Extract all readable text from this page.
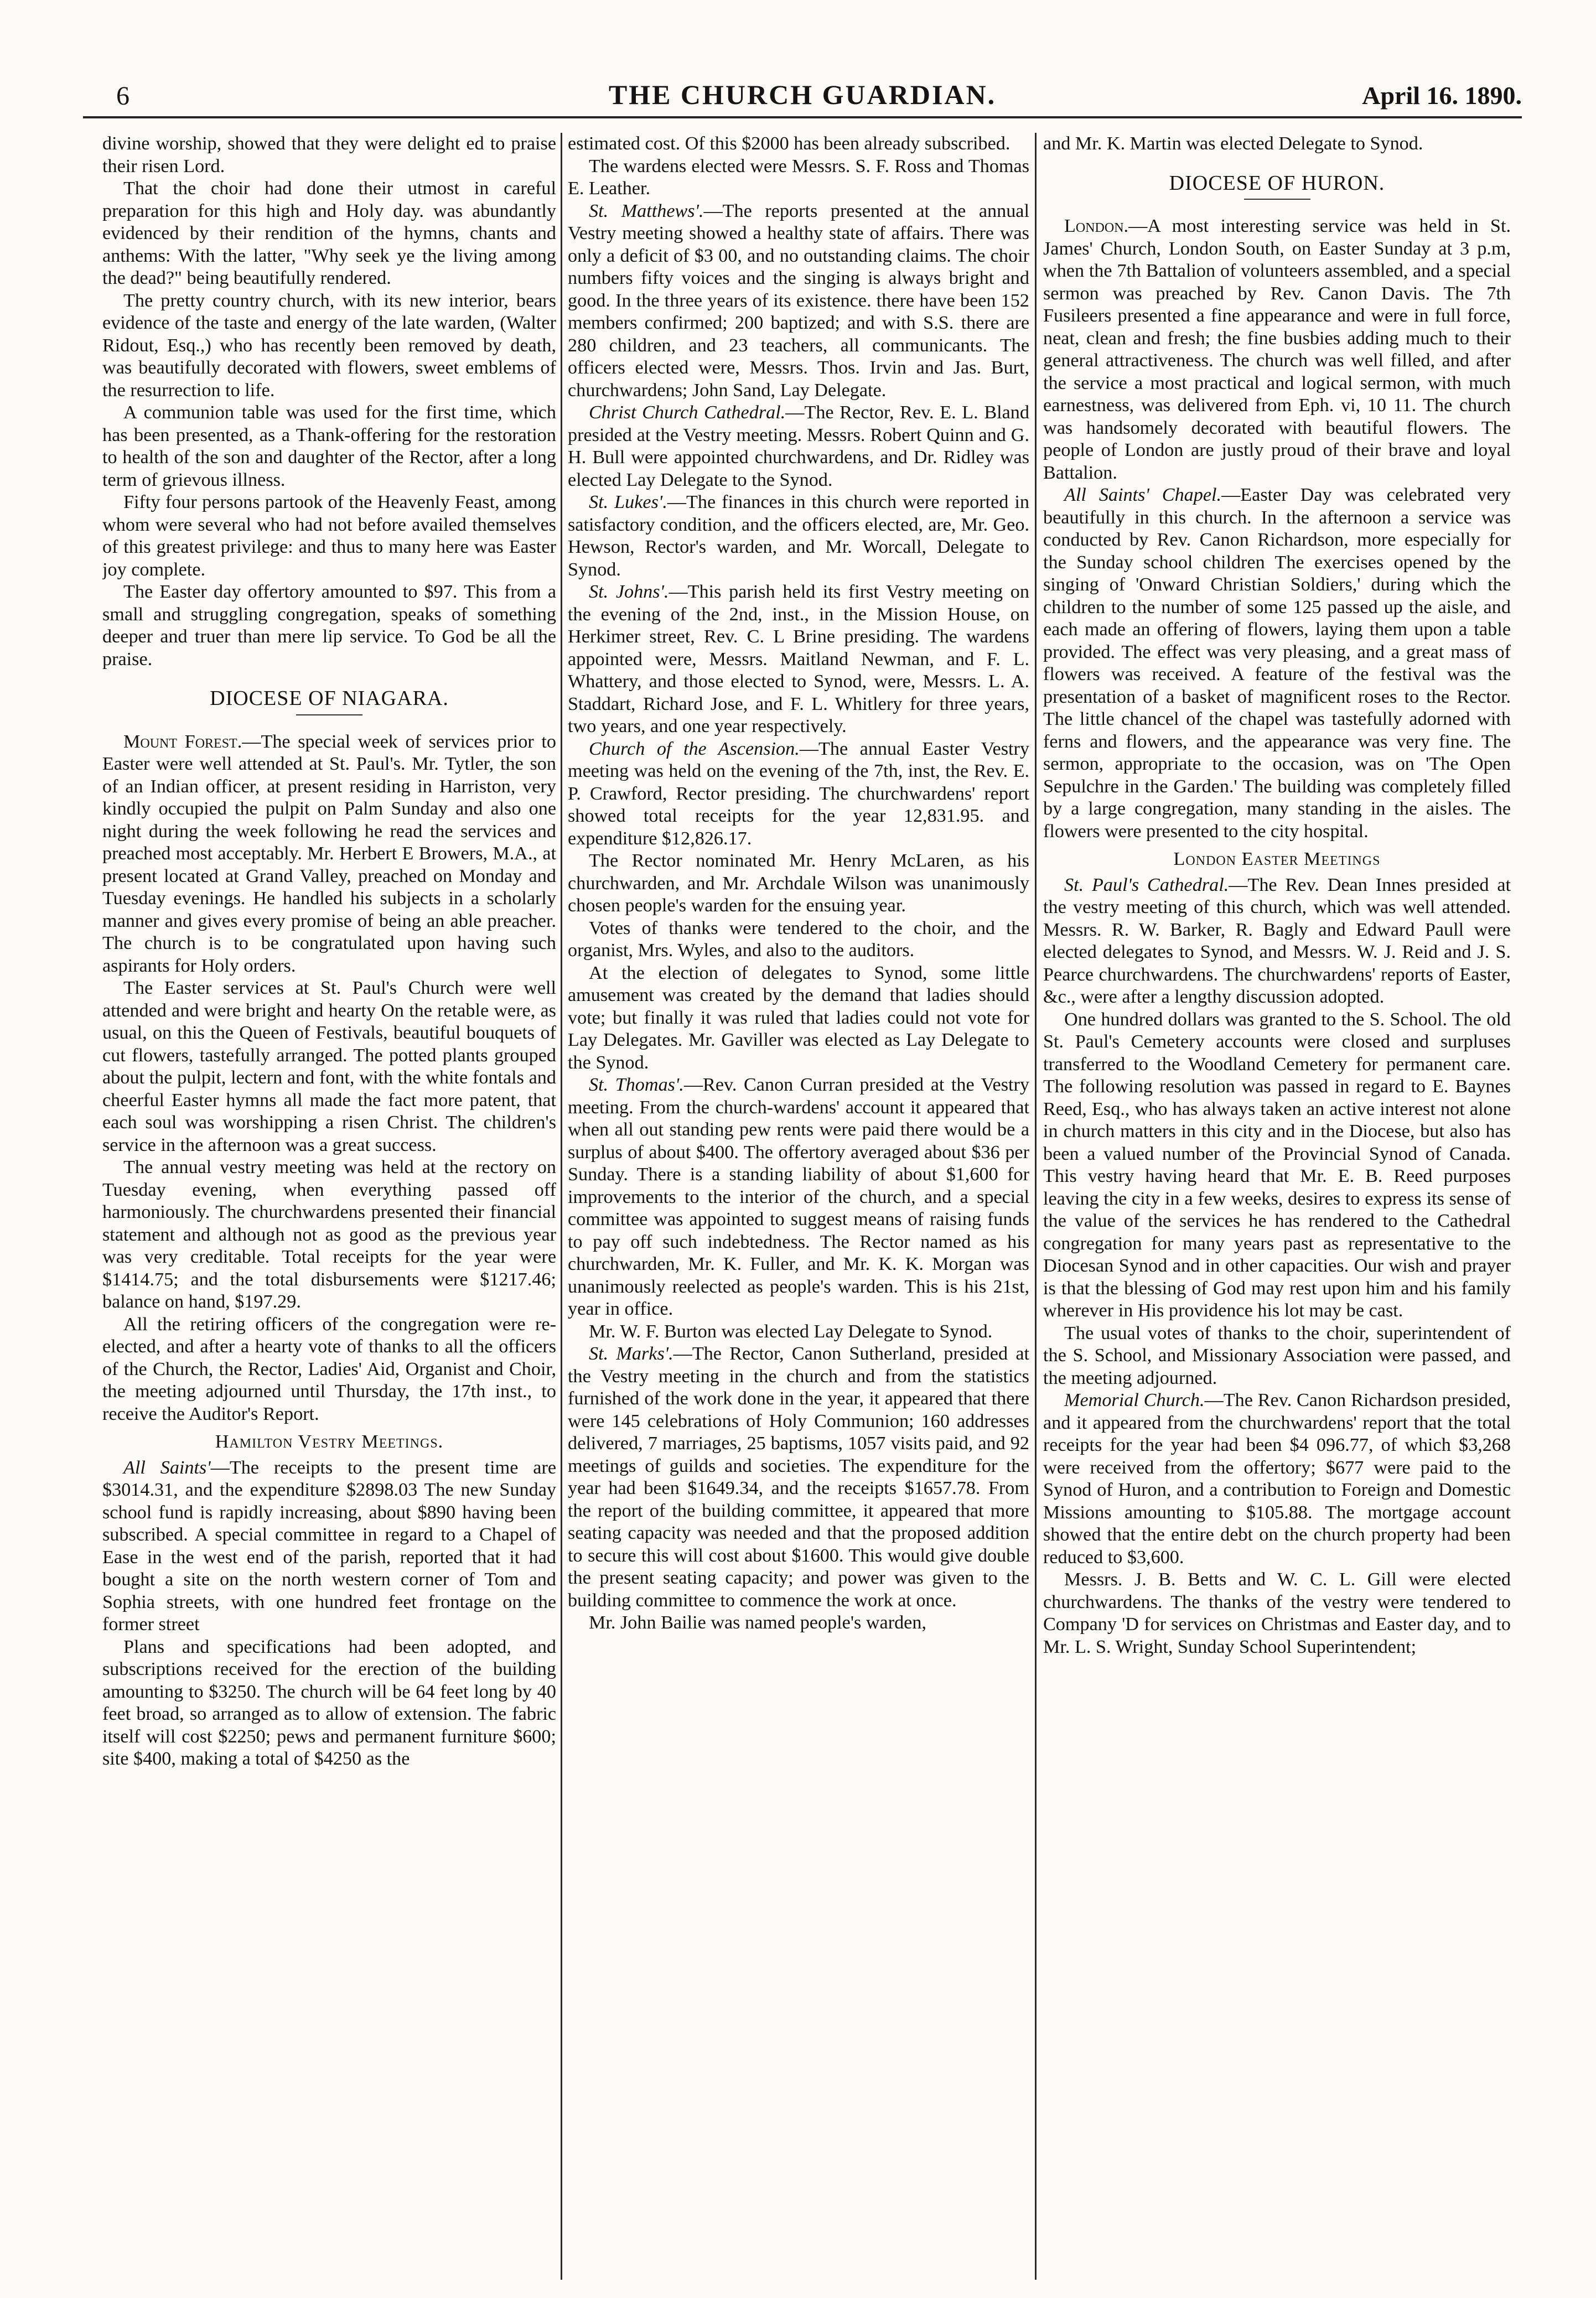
6	THE CHURCH GUARDIAN.	April 16. 1890.

divine worship, showed that they were delight ed to praise their risen Lord.

That the choir had done their utmost in careful preparation for this high and Holy day. was abundantly evidenced by their rendition of the hymns, chants and anthems: With the latter, "Why seek ye the living among the dead?" being beautifully rendered.

The pretty country church, with its new interior, bears evidence of the taste and energy of the late warden, (Walter Ridout, Esq.,) who has recently been removed by death, was beautifully decorated with flowers, sweet emblems of the resurrection to life.

A communion table was used for the first time, which has been presented, as a Thank-offering for the restoration to health of the son and daughter of the Rector, after a long term of grievous illness.

Fifty four persons partook of the Heavenly Feast, among whom were several who had not before availed themselves of this greatest privilege: and thus to many here was Easter joy complete.

The Easter day offertory amounted to $97. This from a small and struggling congregation, speaks of something deeper and truer than mere lip service. To God be all the praise.

DIOCESE OF NIAGARA.

Mount Forest.—The special week of services prior to Easter were well attended at St. Paul's. Mr. Tytler, the son of an Indian officer, at present residing in Harriston, very kindly occupied the pulpit on Palm Sunday and also one night during the week following he read the services and preached most acceptably. Mr. Herbert E Browers, M.A., at present located at Grand Valley, preached on Monday and Tuesday evenings. He handled his subjects in a scholarly manner and gives every promise of being an able preacher. The church is to be congratulated upon having such aspirants for Holy orders.

The Easter services at St. Paul's Church were well attended and were bright and hearty On the retable were, as usual, on this the Queen of Festivals, beautiful bouquets of cut flowers, tastefully arranged. The potted plants grouped about the pulpit, lectern and font, with the white fontals and cheerful Easter hymns all made the fact more patent, that each soul was worshipping a risen Christ. The children's service in the afternoon was a great success.

The annual vestry meeting was held at the rectory on Tuesday evening, when everything passed off harmoniously. The churchwardens presented their financial statement and although not as good as the previous year was very creditable. Total receipts for the year were $1414.75; and the total disbursements were $1217.46; balance on hand, $197.29.

All the retiring officers of the congregation were re-elected, and after a hearty vote of thanks to all the officers of the Church, the Rector, Ladies' Aid, Organist and Choir, the meeting adjourned until Thursday, the 17th inst., to receive the Auditor's Report.

Hamilton Vestry Meetings.

All Saints'—The receipts to the present time are $3014.31, and the expenditure $2898.03 The new Sunday school fund is rapidly increasing, about $890 having been subscribed. A special committee in regard to a Chapel of Ease in the west end of the parish, reported that it had bought a site on the north western corner of Tom and Sophia streets, with one hundred feet frontage on the former street

Plans and specifications had been adopted, and subscriptions received for the erection of the building amounting to $3250. The church will be 64 feet long by 40 feet broad, so arranged as to allow of extension. The fabric itself will cost $2250; pews and permanent furniture $600; site $400, making a total of $4250 as the

estimated cost. Of this $2000 has been already subscribed.

The wardens elected were Messrs. S. F. Ross and Thomas E. Leather.

St. Matthews'.—The reports presented at the annual Vestry meeting showed a healthy state of affairs. There was only a deficit of $3 00, and no outstanding claims. The choir numbers fifty voices and the singing is always bright and good. In the three years of its existence. there have been 152 members confirmed; 200 baptized; and with S.S. there are 280 children, and 23 teachers, all communicants. The officers elected were, Messrs. Thos. Irvin and Jas. Burt, churchwardens; John Sand, Lay Delegate.

Christ Church Cathedral.—The Rector, Rev. E. L. Bland presided at the Vestry meeting. Messrs. Robert Quinn and G. H. Bull were appointed churchwardens, and Dr. Ridley was elected Lay Delegate to the Synod.

St. Lukes'.—The finances in this church were reported in satisfactory condition, and the officers elected, are, Mr. Geo. Hewson, Rector's warden, and Mr. Worcall, Delegate to Synod.

St. Johns'.—This parish held its first Vestry meeting on the evening of the 2nd, inst., in the Mission House, on Herkimer street, Rev. C. L Brine presiding. The wardens appointed were, Messrs. Maitland Newman, and F. L. Whattery, and those elected to Synod, were, Messrs. L. A. Staddart, Richard Jose, and F. L. Whitlery for three years, two years, and one year respectively.

Church of the Ascension.—The annual Easter Vestry meeting was held on the evening of the 7th, inst, the Rev. E. P. Crawford, Rector presiding. The churchwardens' report showed total receipts for the year 12,831.95. and expenditure $12,826.17.

The Rector nominated Mr. Henry McLaren, as his churchwarden, and Mr. Archdale Wilson was unanimously chosen people's warden for the ensuing year.

Votes of thanks were tendered to the choir, and the organist, Mrs. Wyles, and also to the auditors.

At the election of delegates to Synod, some little amusement was created by the demand that ladies should vote; but finally it was ruled that ladies could not vote for Lay Delegates. Mr. Gaviller was elected as Lay Delegate to the Synod.

St. Thomas'.—Rev. Canon Curran presided at the Vestry meeting. From the church-wardens' account it appeared that when all out standing pew rents were paid there would be a surplus of about $400. The offertory averaged about $36 per Sunday. There is a standing liability of about $1,600 for improvements to the interior of the church, and a special committee was appointed to suggest means of raising funds to pay off such indebtedness. The Rector named as his churchwarden, Mr. K. Fuller, and Mr. K. K. Morgan was unanimously reelected as people's warden. This is his 21st, year in office.

Mr. W. F. Burton was elected Lay Delegate to Synod.

St. Marks'.—The Rector, Canon Sutherland, presided at the Vestry meeting in the church and from the statistics furnished of the work done in the year, it appeared that there were 145 celebrations of Holy Communion; 160 addresses delivered, 7 marriages, 25 baptisms, 1057 visits paid, and 92 meetings of guilds and societies. The expenditure for the year had been $1649.34, and the receipts $1657.78. From the report of the building committee, it appeared that more seating capacity was needed and that the proposed addition to secure this will cost about $1600. This would give double the present seating capacity; and power was given to the building committee to commence the work at once.

Mr. John Bailie was named people's warden,

and Mr. K. Martin was elected Delegate to Synod.

DIOCESE OF HURON.

London.—A most interesting service was held in St. James' Church, London South, on Easter Sunday at 3 p.m, when the 7th Battalion of volunteers assembled, and a special sermon was preached by Rev. Canon Davis. The 7th Fusileers presented a fine appearance and were in full force, neat, clean and fresh; the fine busbies adding much to their general attractiveness. The church was well filled, and after the service a most practical and logical sermon, with much earnestness, was delivered from Eph. vi, 10 11. The church was handsomely decorated with beautiful flowers. The people of London are justly proud of their brave and loyal Battalion.

All Saints' Chapel.—Easter Day was celebrated very beautifully in this church. In the afternoon a service was conducted by Rev. Canon Richardson, more especially for the Sunday school children The exercises opened by the singing of 'Onward Christian Soldiers,' during which the children to the number of some 125 passed up the aisle, and each made an offering of flowers, laying them upon a table provided. The effect was very pleasing, and a great mass of flowers was received. A feature of the festival was the presentation of a basket of magnificent roses to the Rector. The little chancel of the chapel was tastefully adorned with ferns and flowers, and the appearance was very fine. The sermon, appropriate to the occasion, was on 'The Open Sepulchre in the Garden.' The building was completely filled by a large congregation, many standing in the aisles. The flowers were presented to the city hospital.

London Easter Meetings

St. Paul's Cathedral.—The Rev. Dean Innes presided at the vestry meeting of this church, which was well attended. Messrs. R. W. Barker, R. Bagly and Edward Paull were elected delegates to Synod, and Messrs. W. J. Reid and J. S. Pearce churchwardens. The churchwardens' reports of Easter, &c., were after a lengthy discussion adopted.

One hundred dollars was granted to the S. School. The old St. Paul's Cemetery accounts were closed and surpluses transferred to the Woodland Cemetery for permanent care. The following resolution was passed in regard to E. Baynes Reed, Esq., who has always taken an active interest not alone in church matters in this city and in the Diocese, but also has been a valued number of the Provincial Synod of Canada. This vestry having heard that Mr. E. B. Reed purposes leaving the city in a few weeks, desires to express its sense of the value of the services he has rendered to the Cathedral congregation for many years past as representative to the Diocesan Synod and in other capacities. Our wish and prayer is that the blessing of God may rest upon him and his family wherever in His providence his lot may be cast.

The usual votes of thanks to the choir, superintendent of the S. School, and Missionary Association were passed, and the meeting adjourned.

Memorial Church.—The Rev. Canon Richardson presided, and it appeared from the churchwardens' report that the total receipts for the year had been $4 096.77, of which $3,268 were received from the offertory; $677 were paid to the Synod of Huron, and a contribution to Foreign and Domestic Missions amounting to $105.88. The mortgage account showed that the entire debt on the church property had been reduced to $3,600.

Messrs. J. B. Betts and W. C. L. Gill were elected churchwardens. The thanks of the vestry were tendered to Company 'D for services on Christmas and Easter day, and to Mr. L. S. Wright, Sunday School Superintendent;
